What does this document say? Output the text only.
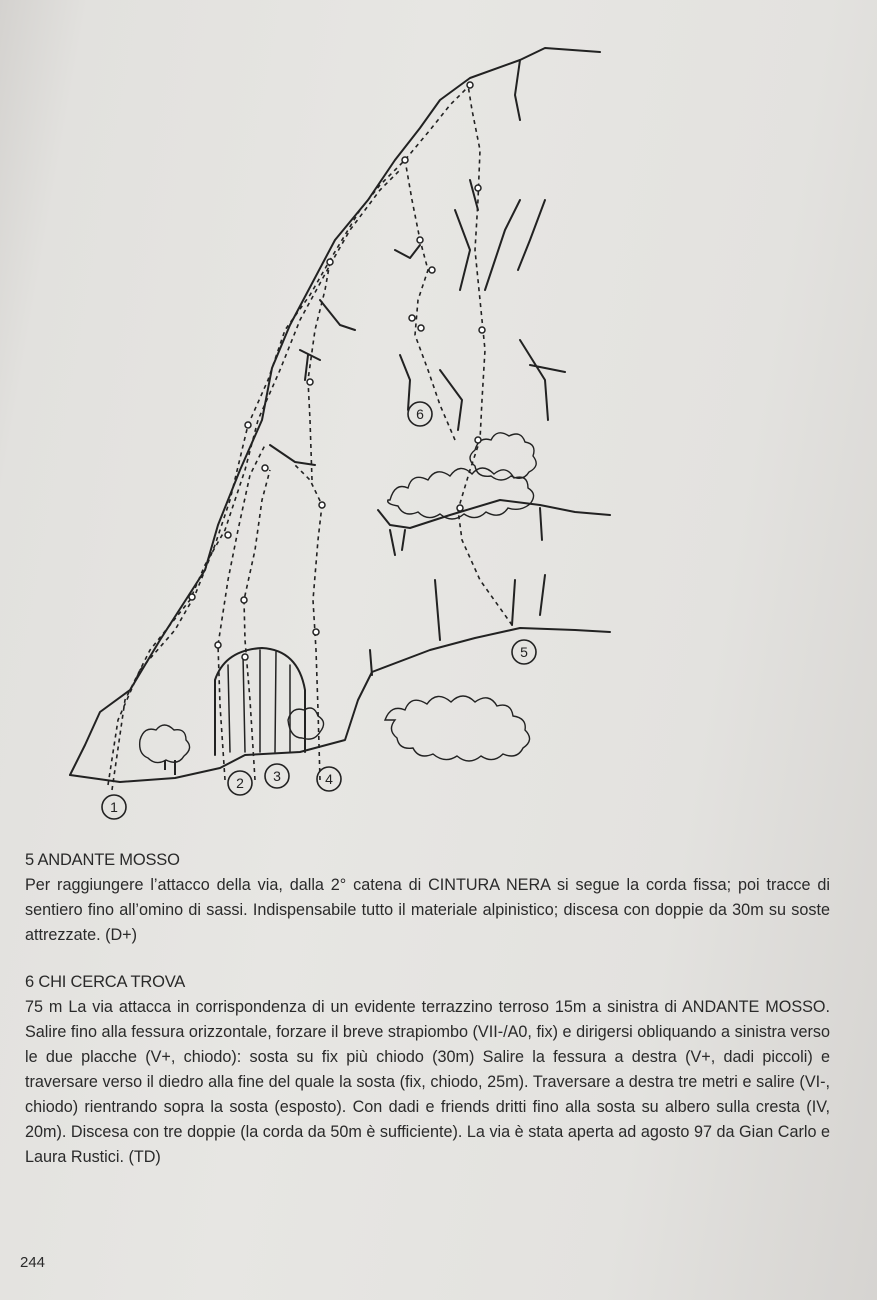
1
2 3	4
5
6
5 ANDANTE MOSSO

Per raggiungere l’attacco della via, dalla 2° catena di CINTURA NERA si segue la corda fissa; poi tracce di sentiero fino all’omino di sassi. Indispensabile tutto il materiale alpinistico; discesa con doppie da 30m su soste attrezzate. (D+)

6 CHI CERCA TROVA

75 m La via attacca in corrispondenza di un evidente terrazzino terroso 15m a sinistra di ANDANTE MOSSO. Salire fino alla fessura orizzontale, forzare il breve strapiombo (VII-/A0, fix) e dirigersi obliquando a sinistra verso le due placche (V+, chiodo): sosta su fix più chiodo (30m) Salire la fessura a destra (V+, dadi piccoli) e traversare verso il diedro alla fine del quale la sosta (fix, chiodo, 25m). Traversare a destra tre metri e salire (VI-, chiodo) rientrando sopra la sosta (esposto). Con dadi e friends dritti fino alla sosta su albero sulla cresta (IV, 20m). Discesa con tre doppie (la corda da 50m è sufficiente). La via è stata aperta ad agosto 97 da Gian Carlo e Laura Rustici. (TD)

244
